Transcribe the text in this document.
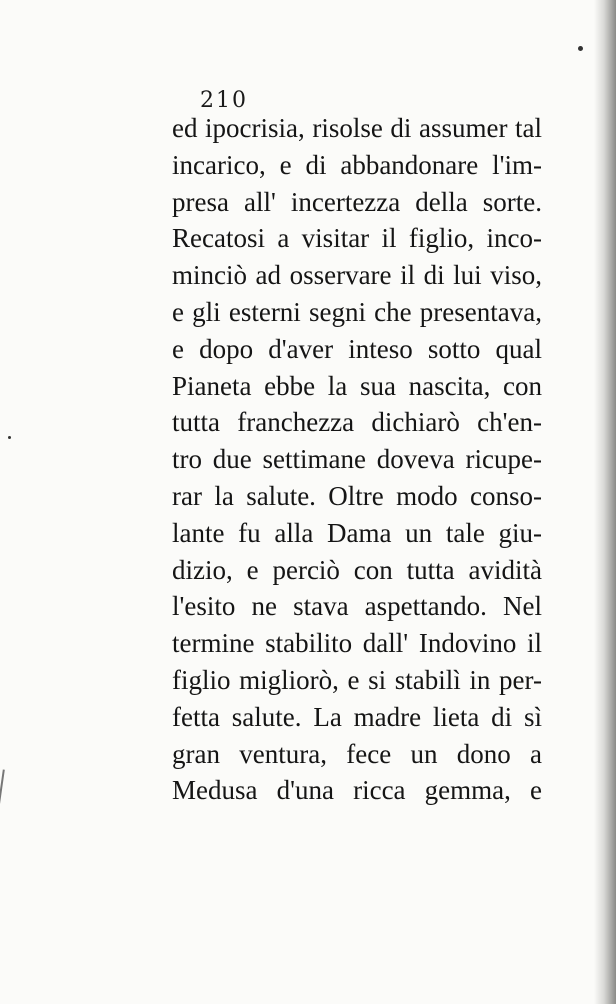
210
ed ipocrisia, risolse di assumer tal
incarico, e di abbandonare l'im-
presa all' incertezza della sorte.
Recatosi a visitar il figlio, inco-
minciò ad osservare il di lui viso,
e gli esterni segni che presentava,
e dopo d'aver inteso sotto qual
Pianeta ebbe la sua nascita, con
tutta franchezza dichiarò ch'en-
tro due settimane doveva ricupe-
rar la salute. Oltre modo conso-
lante fu alla Dama un tale giu-
dizio, e perciò con tutta avidità
l'esito ne stava aspettando. Nel
termine stabilito dall' Indovino il
figlio migliorò, e si stabilì in per-
fetta salute. La madre lieta di sì
gran ventura, fece un dono a
Medusa d'una ricca gemma, e
